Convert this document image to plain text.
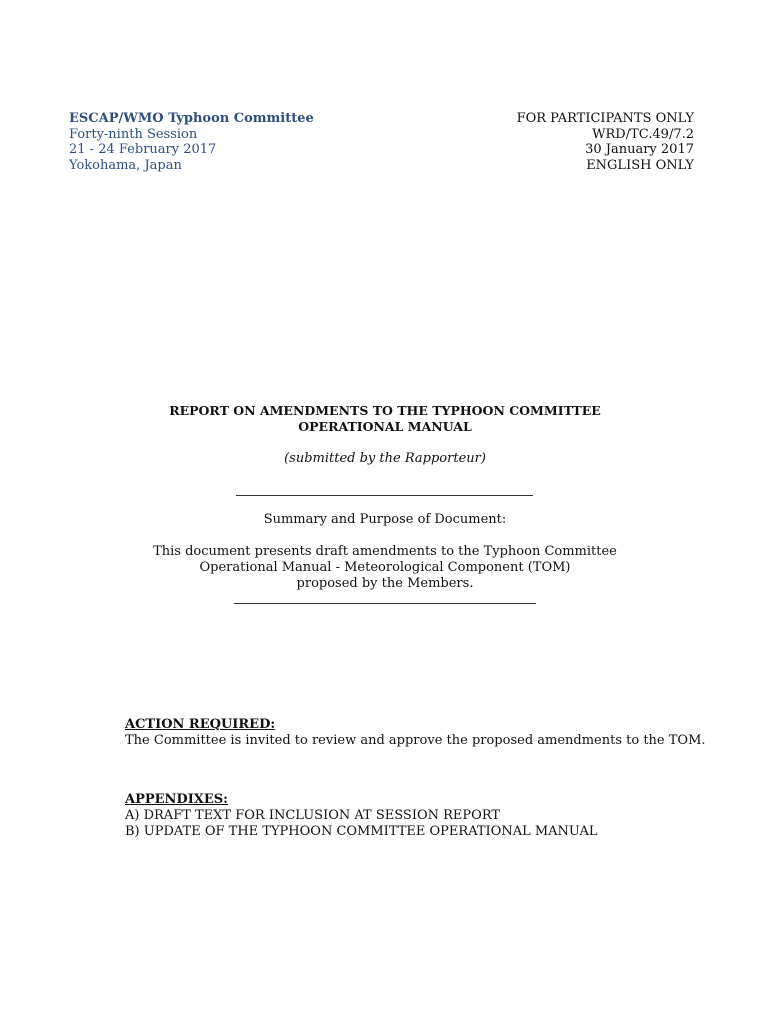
ESCAP/WMO Typhoon Committee
Forty-ninth Session
21 - 24 February 2017
Yokohama, Japan
FOR PARTICIPANTS ONLY
WRD/TC.49/7.2
30 January 2017
ENGLISH ONLY
REPORT ON AMENDMENTS TO THE TYPHOON COMMITTEE
OPERATIONAL MANUAL
(submitted by the Rapporteur)
Summary and Purpose of Document:
This document presents draft amendments to the Typhoon Committee
Operational Manual - Meteorological Component (TOM)
proposed by the Members.
ACTION REQUIRED:
The Committee is invited to review and approve the proposed amendments to the TOM.
APPENDIXES:
A) DRAFT TEXT FOR INCLUSION AT SESSION REPORT
B) UPDATE OF THE TYPHOON COMMITTEE OPERATIONAL MANUAL
